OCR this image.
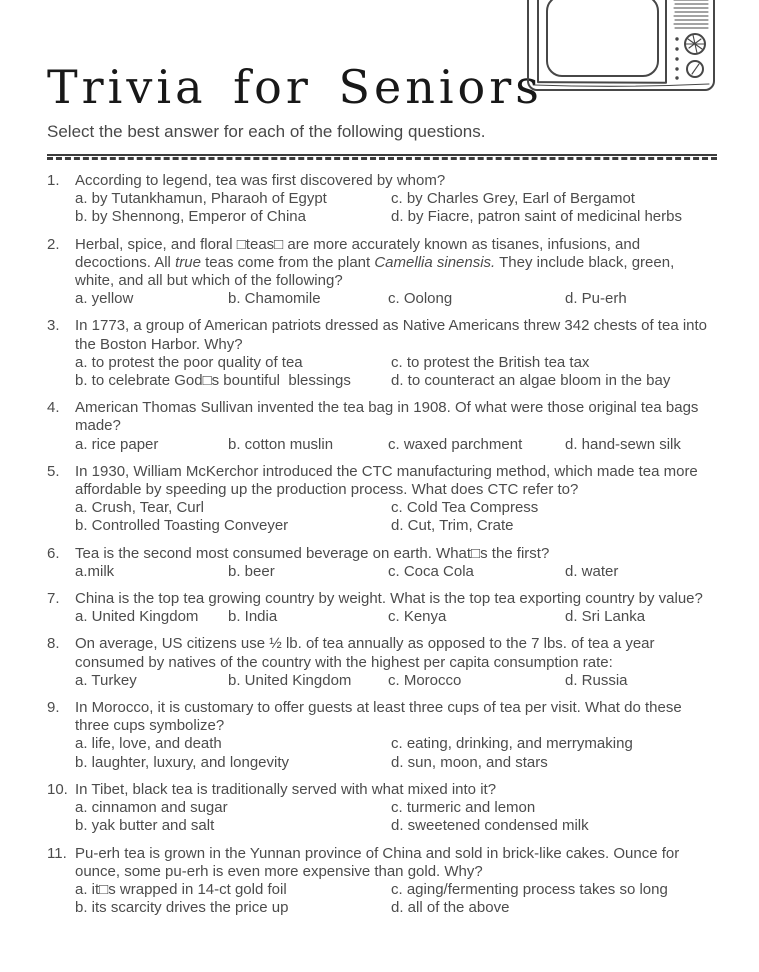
Trivia for Seniors
Select the best answer for each of the following questions.
1.	According to legend, tea was first discovered by whom?
a. by Tutankhamun, Pharaoh of Egypt	c. by Charles Grey, Earl of Bergamot
b. by Shennong, Emperor of China	d. by Fiacre, patron saint of medicinal herbs
2.	Herbal, spice, and floral □teas□ are more accurately known as tisanes, infusions, and decoctions. All true teas come from the plant Camellia sinensis. They include black, green, white, and all but which of the following?
a. yellow	b. Chamomile	c. Oolong	d. Pu-erh
3.	In 1773, a group of American patriots dressed as Native Americans threw 342 chests of tea into the Boston Harbor. Why?
a. to protest the poor quality of tea	c. to protest the British tea tax
b. to celebrate God□s bountiful  blessings	d. to counteract an algae bloom in the bay
4.	American Thomas Sullivan invented the tea bag in 1908. Of what were those original tea bags made?
a. rice paper	b. cotton muslin	c. waxed parchment	d. hand-sewn silk
5.	In 1930, William McKerchor introduced the CTC manufacturing method, which made tea more affordable by speeding up the production process. What does CTC refer to?
a. Crush, Tear, Curl	c. Cold Tea Compress
b. Controlled Toasting Conveyer	d. Cut, Trim, Crate
6.	Tea is the second most consumed beverage on earth. What□s the first?
a.milk	b. beer	c. Coca Cola	d. water
7.	China is the top tea growing country by weight. What is the top tea exporting country by value?
a. United Kingdom	b. India	c. Kenya	d. Sri Lanka
8.	On average, US citizens use ½ lb. of tea annually as opposed to the 7 lbs. of tea a year consumed by natives of the country with the highest per capita consumption rate:
a. Turkey	b. United Kingdom	c. Morocco	d. Russia
9.	In Morocco, it is customary to offer guests at least three cups of tea per visit. What do these three cups symbolize?
a. life, love, and death	c. eating, drinking, and merrymaking
b. laughter, luxury, and longevity	d. sun, moon, and stars
10. In Tibet, black tea is traditionally served with what mixed into it?
a. cinnamon and sugar	c. turmeric and lemon
b. yak butter and salt	d. sweetened condensed milk
11. Pu-erh tea is grown in the Yunnan province of China and sold in brick-like cakes. Ounce for ounce, some pu-erh is even more expensive than gold. Why?
a. it□s wrapped in 14-ct gold foil	c. aging/fermenting process takes so long
b. its scarcity drives the price up	d. all of the above
